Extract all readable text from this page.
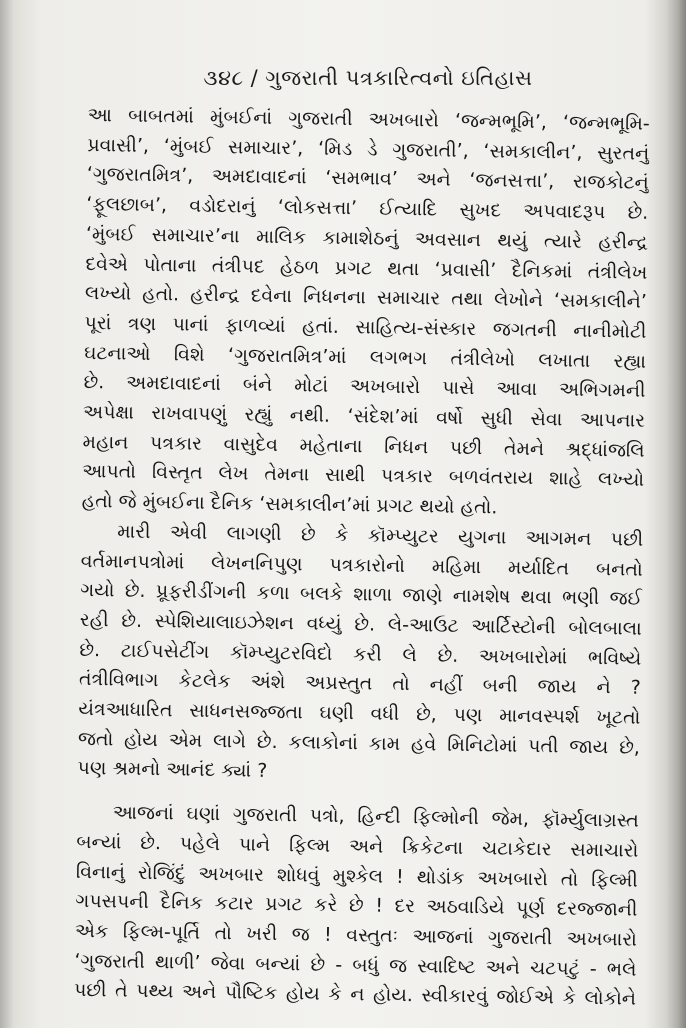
૩૪૮ / ગુજરાતી પત્રકારિત્વનો ઇતિહાસ
આ બાબતમાં મુંબઈનાં ગુજરાતી અખબારો ‘જન્મભૂમિ’, ‘જન્મભૂમિ-
પ્રવાસી’, ‘મુંબઈ સમાચાર’, ‘મિડ ડે ગુજરાતી’, ‘સમકાલીન’, સુરતનું
‘ગુજરાતમિત્ર’, અમદાવાદનાં ‘સમભાવ’ અને ‘જનસત્તા’, રાજકોટનું
‘ફૂલછાબ’, વડોદરાનું ‘લોકસત્તા’ ઈત્યાદિ સુખદ અપવાદરૂપ છે.
‘મુંબઈ સમાચાર’ના માલિક કામાશેઠનું અવસાન થયું ત્યારે હરીન્દ્ર
દવેએ પોતાના તંત્રીપદ હેઠળ પ્રગટ થતા ‘પ્રવાસી’ દૈનિકમાં તંત્રીલેખ
લખ્યો હતો. હરીન્દ્ર દવેના નિધનના સમાચાર તથા લેખોને ‘સમકાલીને’
પૂરાં ત્રણ પાનાં ફાળવ્યાં હતાં. સાહિત્ય-સંસ્કાર જગતની નાનીમોટી
ઘટનાઓ વિશે ‘ગુજરાતમિત્ર’માં લગભગ તંત્રીલેખો લખાતા રહ્યા
છે. અમદાવાદનાં બંને મોટાં અખબારો પાસે આવા અભિગમની
અપેક્ષા રાખવાપણું રહ્યું નથી. ‘સંદેશ’માં વર્ષો સુધી સેવા આપનાર
મહાન પત્રકાર વાસુદેવ મહેતાના નિધન પછી તેમને શ્રદ્ધાંજલિ
આપતો વિસ્તૃત લેખ તેમના સાથી પત્રકાર બળવંતરાય શાહે લખ્યો
હતો જે મુંબઈના દૈનિક ‘સમકાલીન’માં પ્રગટ થયો હતો.
મારી એવી લાગણી છે કે કૉમ્પ્યુટર યુગના આગમન પછી
વર્તમાનપત્રોમાં લેખનનિપુણ પત્રકારોનો મહિમા મર્યાદિત બનતો
ગયો છે. પ્રૂફરીડીંગની કળા બલકે શાળા જાણે નામશેષ થવા ભણી જઈ
રહી છે. સ્પેશિયાલાઇઝેશન વધ્યું છે. લે-આઉટ આર્ટિસ્ટોની બોલબાલા
છે. ટાઈપસેટીંગ કૉમ્પ્યુટરવિદો કરી લે છે. અખબારોમાં ભવિષ્યે
તંત્રીવિભાગ કેટલેક અંશે અપ્રસ્તુત તો નહીં બની જાય ને ?
યંત્રઆધારિત સાધનસજ્જતા ઘણી વધી છે, પણ માનવસ્પર્શ ખૂટતો
જતો હોય એમ લાગે છે. કલાકોનાં કામ હવે મિનિટોમાં પતી જાય છે,
પણ શ્રમનો આનંદ ક્યાં ?
આજનાં ઘણાં ગુજરાતી પત્રો, હિન્દી ફિલ્મોની જેમ, ફૉર્મ્યુલાગ્રસ્ત
બન્યાં છે. પહેલે પાને ફિલ્મ અને ક્રિકેટના ચટાકેદાર સમાચારો
વિનાનું રોજિંદું અખબાર શોધવું મુશ્કેલ ! થોડાંક અખબારો તો ફિલ્મી
ગપસપની દૈનિક કટાર પ્રગટ કરે છે ! દર અઠવાડિયે પૂર્ણ દરજ્જાની
એક ફિલ્મ-પૂર્તિ તો ખરી જ ! વસ્તુતઃ આજનાં ગુજરાતી અખબારો
‘ગુજરાતી થાળી’ જેવા બન્યાં છે - બધું જ સ્વાદિષ્ટ અને ચટપટું - ભલે
પછી તે પથ્ય અને પૌષ્ટિક હોય કે ન હોય. સ્વીકારવું જોઈએ કે લોકોને
